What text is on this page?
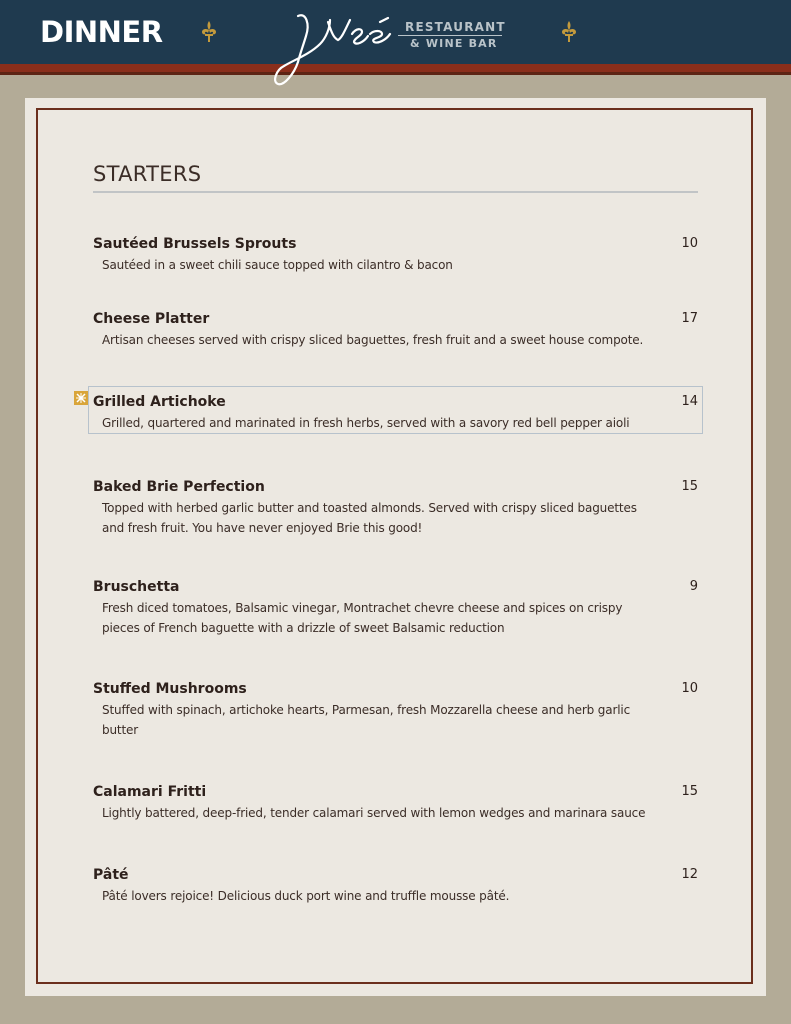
DINNER	RESTAURANT
& WINE BAR
STARTERS
Sautéed Brussels Sprouts	10
Sautéed in a sweet chili sauce topped with cilantro & bacon
Cheese Platter	17
Artisan cheeses served with crispy sliced baguettes, fresh fruit and a sweet house compote.
Grilled Artichoke	14
Grilled, quartered and marinated in fresh herbs, served with a savory red bell pepper aioli
Baked Brie Perfection	15
Topped with herbed garlic butter and toasted almonds. Served with crispy sliced baguettes and fresh fruit. You have never enjoyed Brie this good!
Bruschetta	9
Fresh diced tomatoes, Balsamic vinegar, Montrachet chevre cheese and spices on crispy pieces of French baguette with a drizzle of sweet Balsamic reduction
Stuffed Mushrooms	10
Stuffed with spinach, artichoke hearts, Parmesan, fresh Mozzarella cheese and herb garlic butter
Calamari Fritti	15
Lightly battered, deep-fried, tender calamari served with lemon wedges and marinara sauce
Pâté	12
Pâté lovers rejoice! Delicious duck port wine and truffle mousse pâté.
